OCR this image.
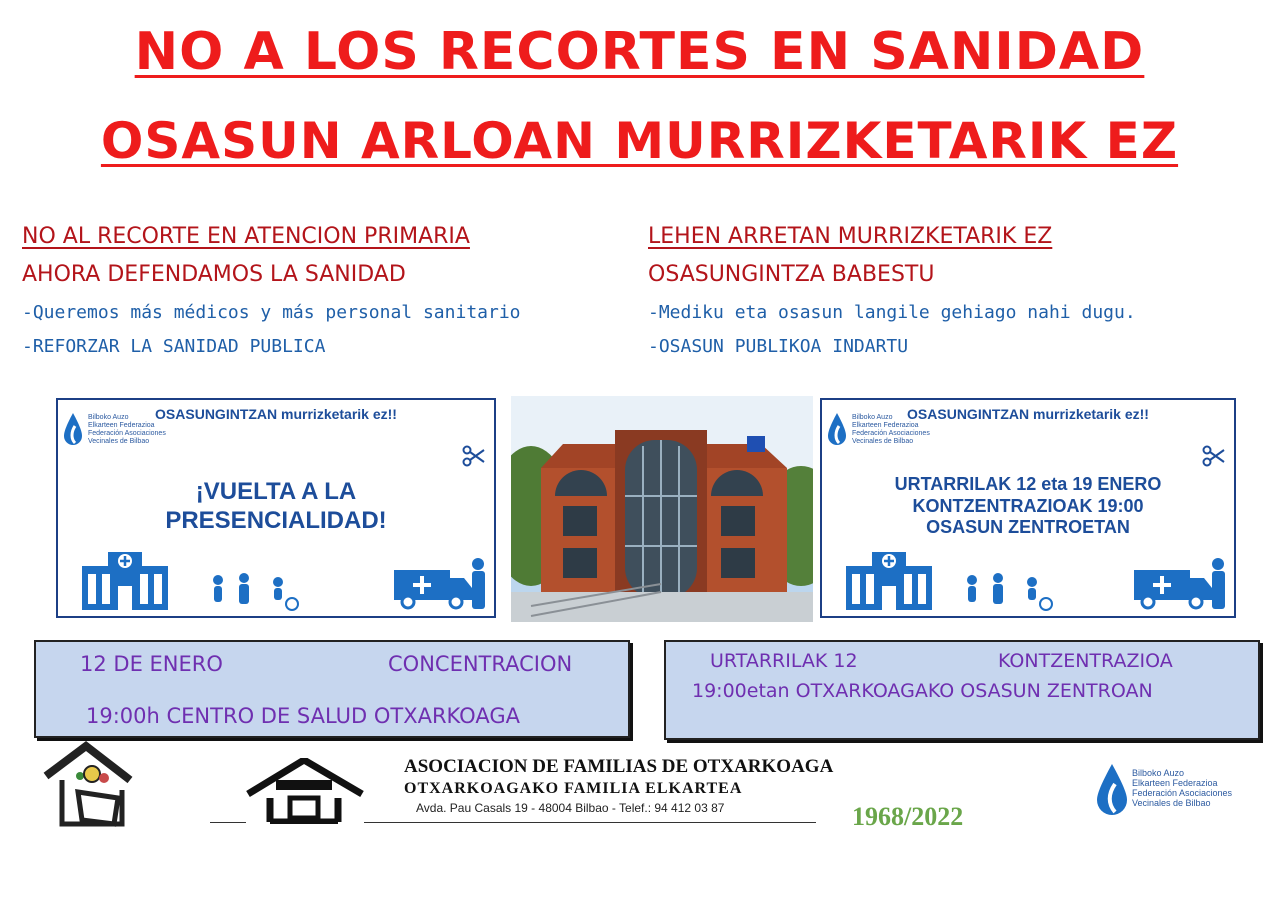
NO A LOS RECORTES EN SANIDAD
OSASUN ARLOAN MURRIZKETARIK EZ
NO AL RECORTE EN ATENCION PRIMARIA
AHORA DEFENDAMOS LA SANIDAD
-Queremos más médicos y más personal sanitario
-REFORZAR LA SANIDAD PUBLICA
LEHEN ARRETAN MURRIZKETARIK EZ
OSASUNGINTZA BABESTU
-Mediku eta osasun langile gehiago nahi dugu.
-OSASUN PUBLIKOA INDARTU
Bilboko Auzo
Elkarteen Federazioa
Federación Asociaciones
Vecinales de Bilbao
OSASUNGINTZAN murrizketarik ez!!
¡VUELTA A LA
PRESENCIALIDAD!
Bilboko Auzo
Elkarteen Federazioa
Federación Asociaciones
Vecinales de Bilbao
OSASUNGINTZAN murrizketarik ez!!
URTARRILAK 12 eta 19 ENERO
KONTZENTRAZIOAK 19:00
OSASUN ZENTROETAN
12 DE ENERO	CONCENTRACION
19:00h CENTRO DE SALUD OTXARKOAGA
URTARRILAK 12	KONTZENTRAZIOA
19:00etan OTXARKOAGAKO OSASUN ZENTROAN
ASOCIACION DE FAMILIAS DE OTXARKOAGA
OTXARKOAGAKO FAMILIA ELKARTEA
Avda. Pau Casals 19 - 48004 Bilbao - Telef.: 94 412 03 87	1968/2022
Bilboko Auzo
Elkarteen Federazioa
Federación Asociaciones
Vecinales de Bilbao
